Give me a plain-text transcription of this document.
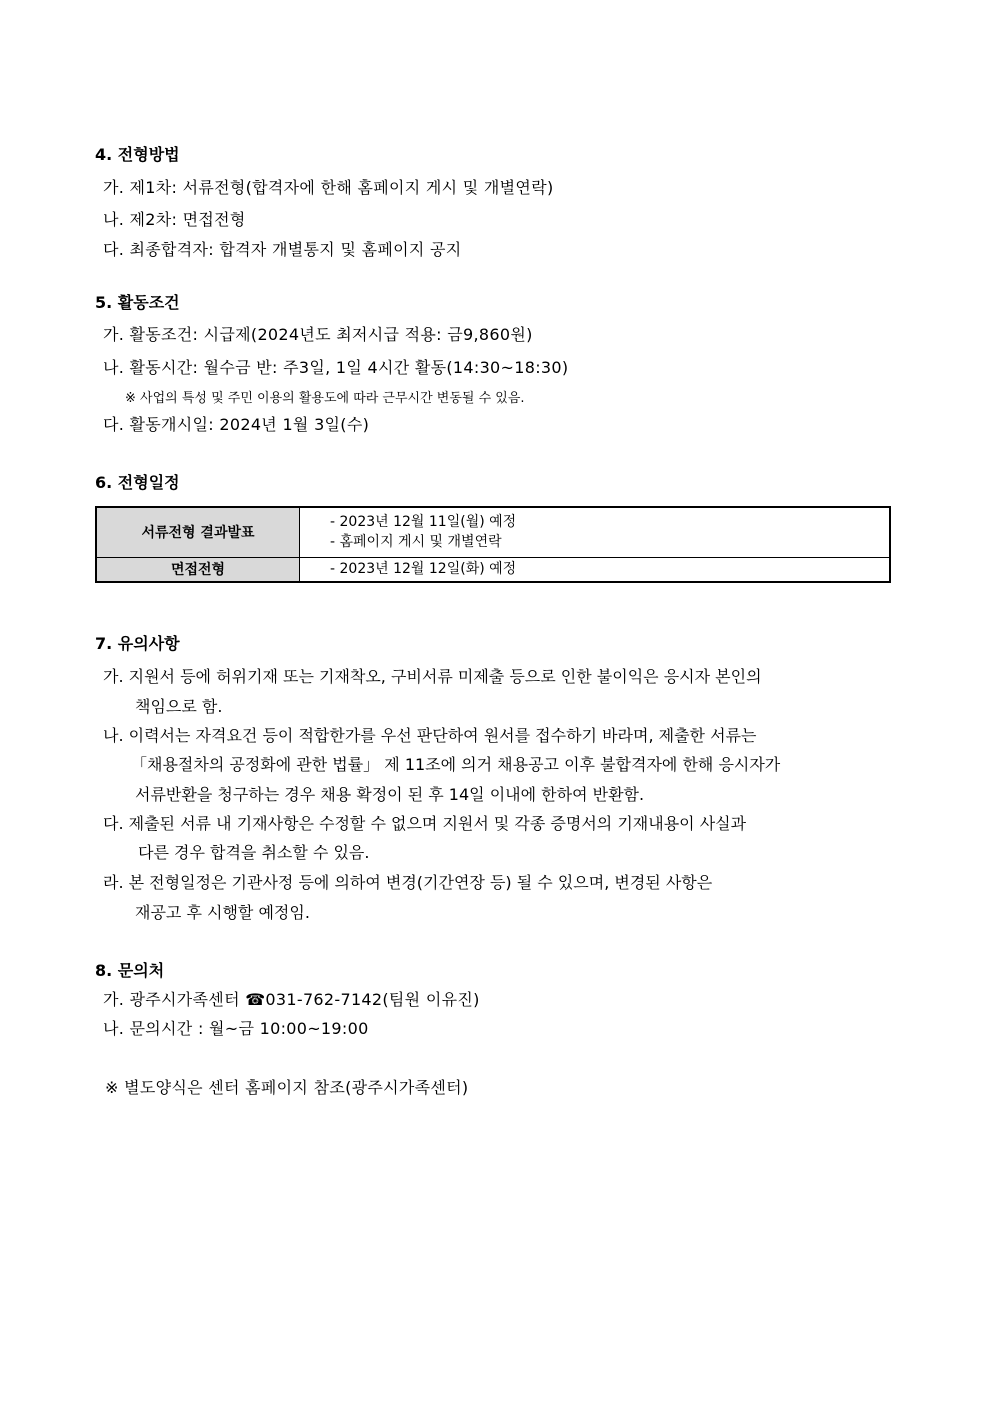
4. 전형방법
가. 제1차: 서류전형(합격자에 한해 홈페이지 게시 및 개별연락)
나. 제2차: 면접전형
다. 최종합격자: 합격자 개별통지 및 홈페이지 공지
5. 활동조건
가. 활동조건: 시급제(2024년도 최저시급 적용: 금9,860원)
나. 활동시간: 월수금 반: 주3일, 1일 4시간 활동(14:30~18:30)
※ 사업의 특성 및 주민 이용의 활용도에 따라 근무시간 변동될 수 있음.
다. 활동개시일: 2024년 1월 3일(수)
6. 전형일정
서류전형 결과발표	- 2023년 12월 11일(월) 예정
- 홈페이지 게시 및 개별연락

면접전형	- 2023년 12월 12일(화) 예정
7. 유의사항
가. 지원서 등에 허위기재 또는 기재착오, 구비서류 미제출 등으로 인한 불이익은 응시자 본인의
책임으로 함.
나. 이력서는 자격요건 등이 적합한가를 우선 판단하여 원서를 접수하기 바라며, 제출한 서류는
「채용절차의 공정화에 관한 법률」 제 11조에 의거 채용공고 이후 불합격자에 한해 응시자가
서류반환을 청구하는 경우 채용 확정이 된 후 14일 이내에 한하여 반환함.
다. 제출된 서류 내 기재사항은 수정할 수 없으며 지원서 및 각종 증명서의 기재내용이 사실과
다른 경우 합격을 취소할 수 있음.
라. 본 전형일정은 기관사정 등에 의하여 변경(기간연장 등) 될 수 있으며, 변경된 사항은
재공고 후 시행할 예정임.
8. 문의처
가. 광주시가족센터 ☎031-762-7142(팀원 이유진)
나. 문의시간 : 월~금 10:00~19:00
※ 별도양식은 센터 홈페이지 참조(광주시가족센터)
